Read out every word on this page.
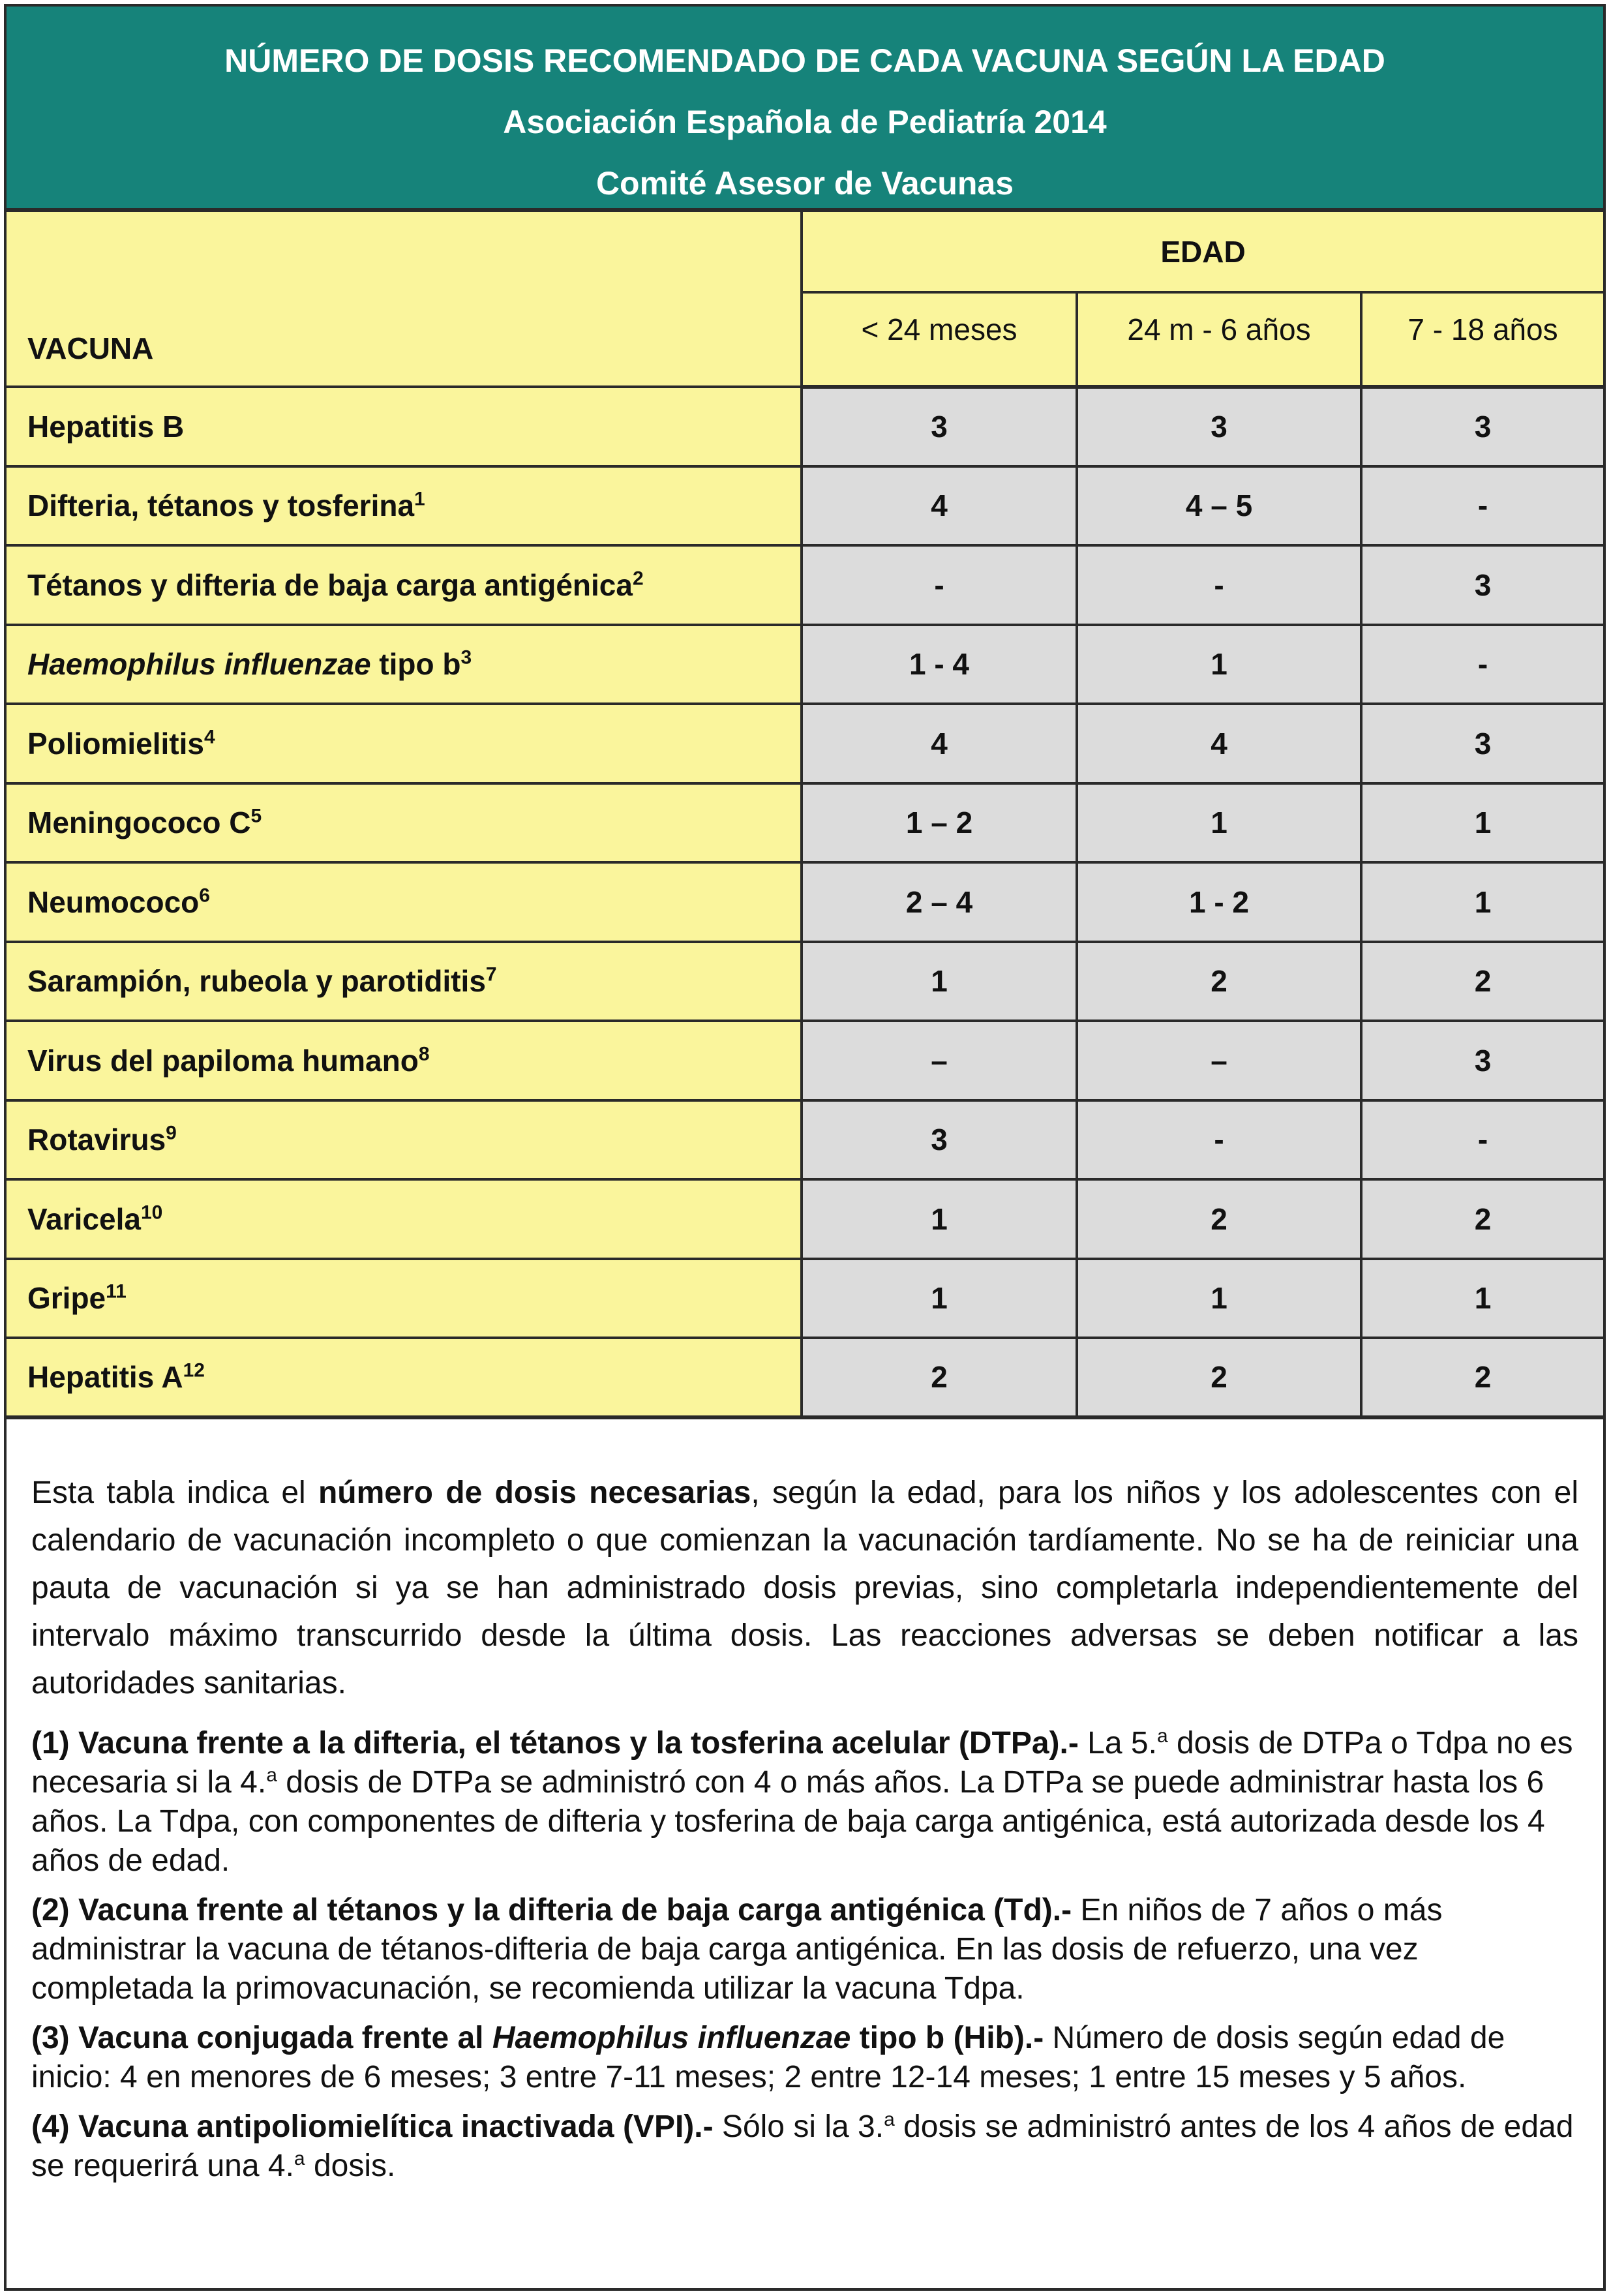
NÚMERO DE DOSIS RECOMENDADO DE CADA VACUNA SEGÚN LA EDAD
Asociación Española de Pediatría 2014
Comité Asesor de Vacunas
VACUNA	EDAD		
	< 24 meses	24 m - 6 años	7 - 18 años
Hepatitis B	3	3	3
Difteria, tétanos y tosferina$^1$	4	4 – 5	-
Tétanos y difteria de baja carga antigénica$^2$	-	-	3
Haemophilus influenzae tipo $b^3$	1 - 4	1	-
Poliomielitis$^4$	4	4	3
Meningococo $C^5$	1 – 2	1	1
Neumococo$^6$	2 – 4	1 - 2	1
Sarampión, rubeola y parotiditis$^7$	1	2	2
Virus del papiloma humano$^8$	–	–	3
Rotavirus$^9$	3	-	-
Varicela$^{10}$	1	2	2
Gripe$^{11}$	1	1	1
Hepatitis $A^{12}$	2	2	2

Esta tabla indica el número de dosis necesarias, según la edad, para los niños y los adolescentes con el calendario de vacunación incompleto o que comienzan la vacunación tardíamente. No se ha de reiniciar una pauta de vacunación si ya se han administrado dosis previas, sino completarla independientemente del intervalo máximo transcurrido desde la última dosis. Las reacciones adversas se deben notificar a las autoridades sanitarias.

(1) Vacuna frente a la difteria, el tétanos y la tosferina acelular (DTPa).- La 5.$^a$ dosis de DTPa o Tdpa no es necesaria si la 4.$^a$ dosis de DTPa se administró con 4 o más años. La DTPa se puede administrar hasta los 6 años. La Tdpa, con componentes de difteria y tosferina de baja carga antigénica, está autorizada desde los 4 años de edad.

(2) Vacuna frente al tétanos y la difteria de baja carga antigénica (Td).- En niños de 7 años o más administrar la vacuna de tétanos-difteria de baja carga antigénica. En las dosis de refuerzo, una vez completada la primovacunación, se recomienda utilizar la vacuna Tdpa.

(3) Vacuna conjugada frente al Haemophilus influenzae tipo b (Hib).- Número de dosis según edad de inicio: 4 en menores de 6 meses; 3 entre 7-11 meses; 2 entre 12-14 meses; 1 entre 15 meses y 5 años.

(4) Vacuna antipoliomielítica inactivada (VPI).- Sólo si la 3.$^a$ dosis se administró antes de los 4 años de edad se requerirá una 4.$^a$ dosis.
